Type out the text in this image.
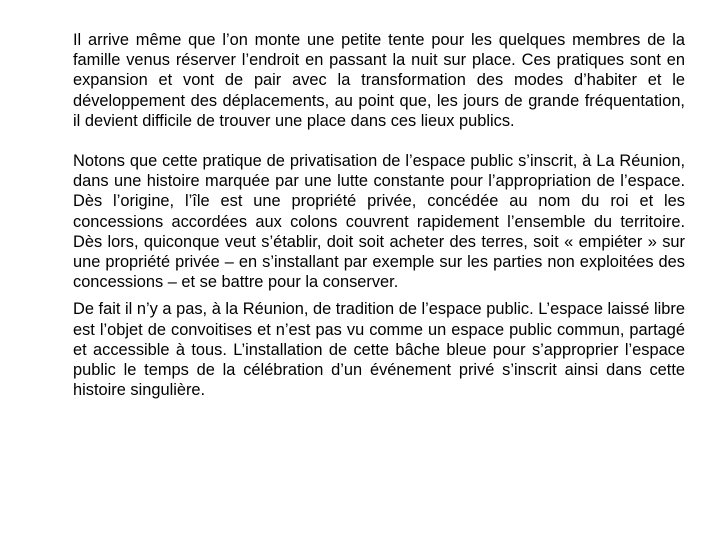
Il arrive même que l’on monte une petite tente pour les quelques membres de la famille venus réserver l’endroit en passant la nuit sur place. Ces pratiques sont en expansion et vont de pair avec la transformation des modes d’habiter et le développement des déplacements, au point que, les jours de grande fréquentation, il devient difficile de trouver une place dans ces lieux publics.

Notons que cette pratique de privatisation de l’espace public s’inscrit, à La Réunion, dans une histoire marquée par une lutte constante pour l’appropriation de l’espace. Dès l’origine, l’île est une propriété privée, concédée au nom du roi et les concessions accordées aux colons couvrent rapidement l’ensemble du territoire. Dès lors, quiconque veut s’établir, doit soit acheter des terres, soit « empiéter » sur une propriété privée – en s’installant par exemple sur les parties non exploitées des concessions – et se battre pour la conserver.

De fait il n’y a pas, à la Réunion, de tradition de l’espace public. L’espace laissé libre est l’objet de convoitises et n’est pas vu comme un espace public commun, partagé et accessible à tous. L’installation de cette bâche bleue pour s’approprier l’espace public le temps de la célébration d’un événement privé s’inscrit ainsi dans cette histoire singulière.
